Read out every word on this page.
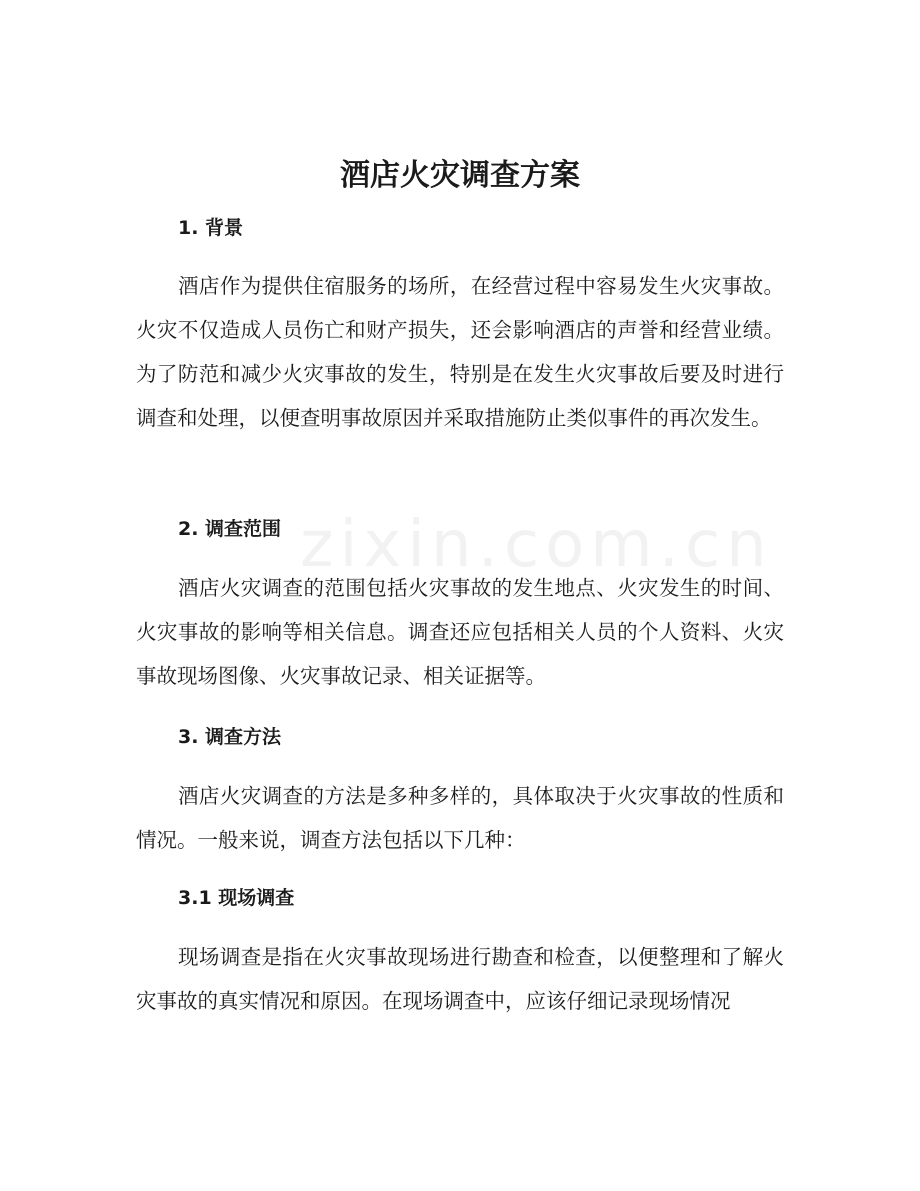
zixin.com.cn
酒店火灾调查方案
1. 背景

酒店作为提供住宿服务的场所，在经营过程中容易发生火灾事故。火灾不仅造成人员伤亡和财产损失，还会影响酒店的声誉和经营业绩。为了防范和减少火灾事故的发生，特别是在发生火灾事故后要及时进行调查和处理，以便查明事故原因并采取措施防止类似事件的再次发生。

2. 调查范围

酒店火灾调查的范围包括火灾事故的发生地点、火灾发生的时间、火灾事故的影响等相关信息。调查还应包括相关人员的个人资料、火灾事故现场图像、火灾事故记录、相关证据等。

3. 调查方法

酒店火灾调查的方法是多种多样的，具体取决于火灾事故的性质和情况。一般来说，调查方法包括以下几种：

3.1 现场调查

现场调查是指在火灾事故现场进行勘查和检查，以便整理和了解火灾事故的真实情况和原因。在现场调查中，应该仔细记录现场情况
